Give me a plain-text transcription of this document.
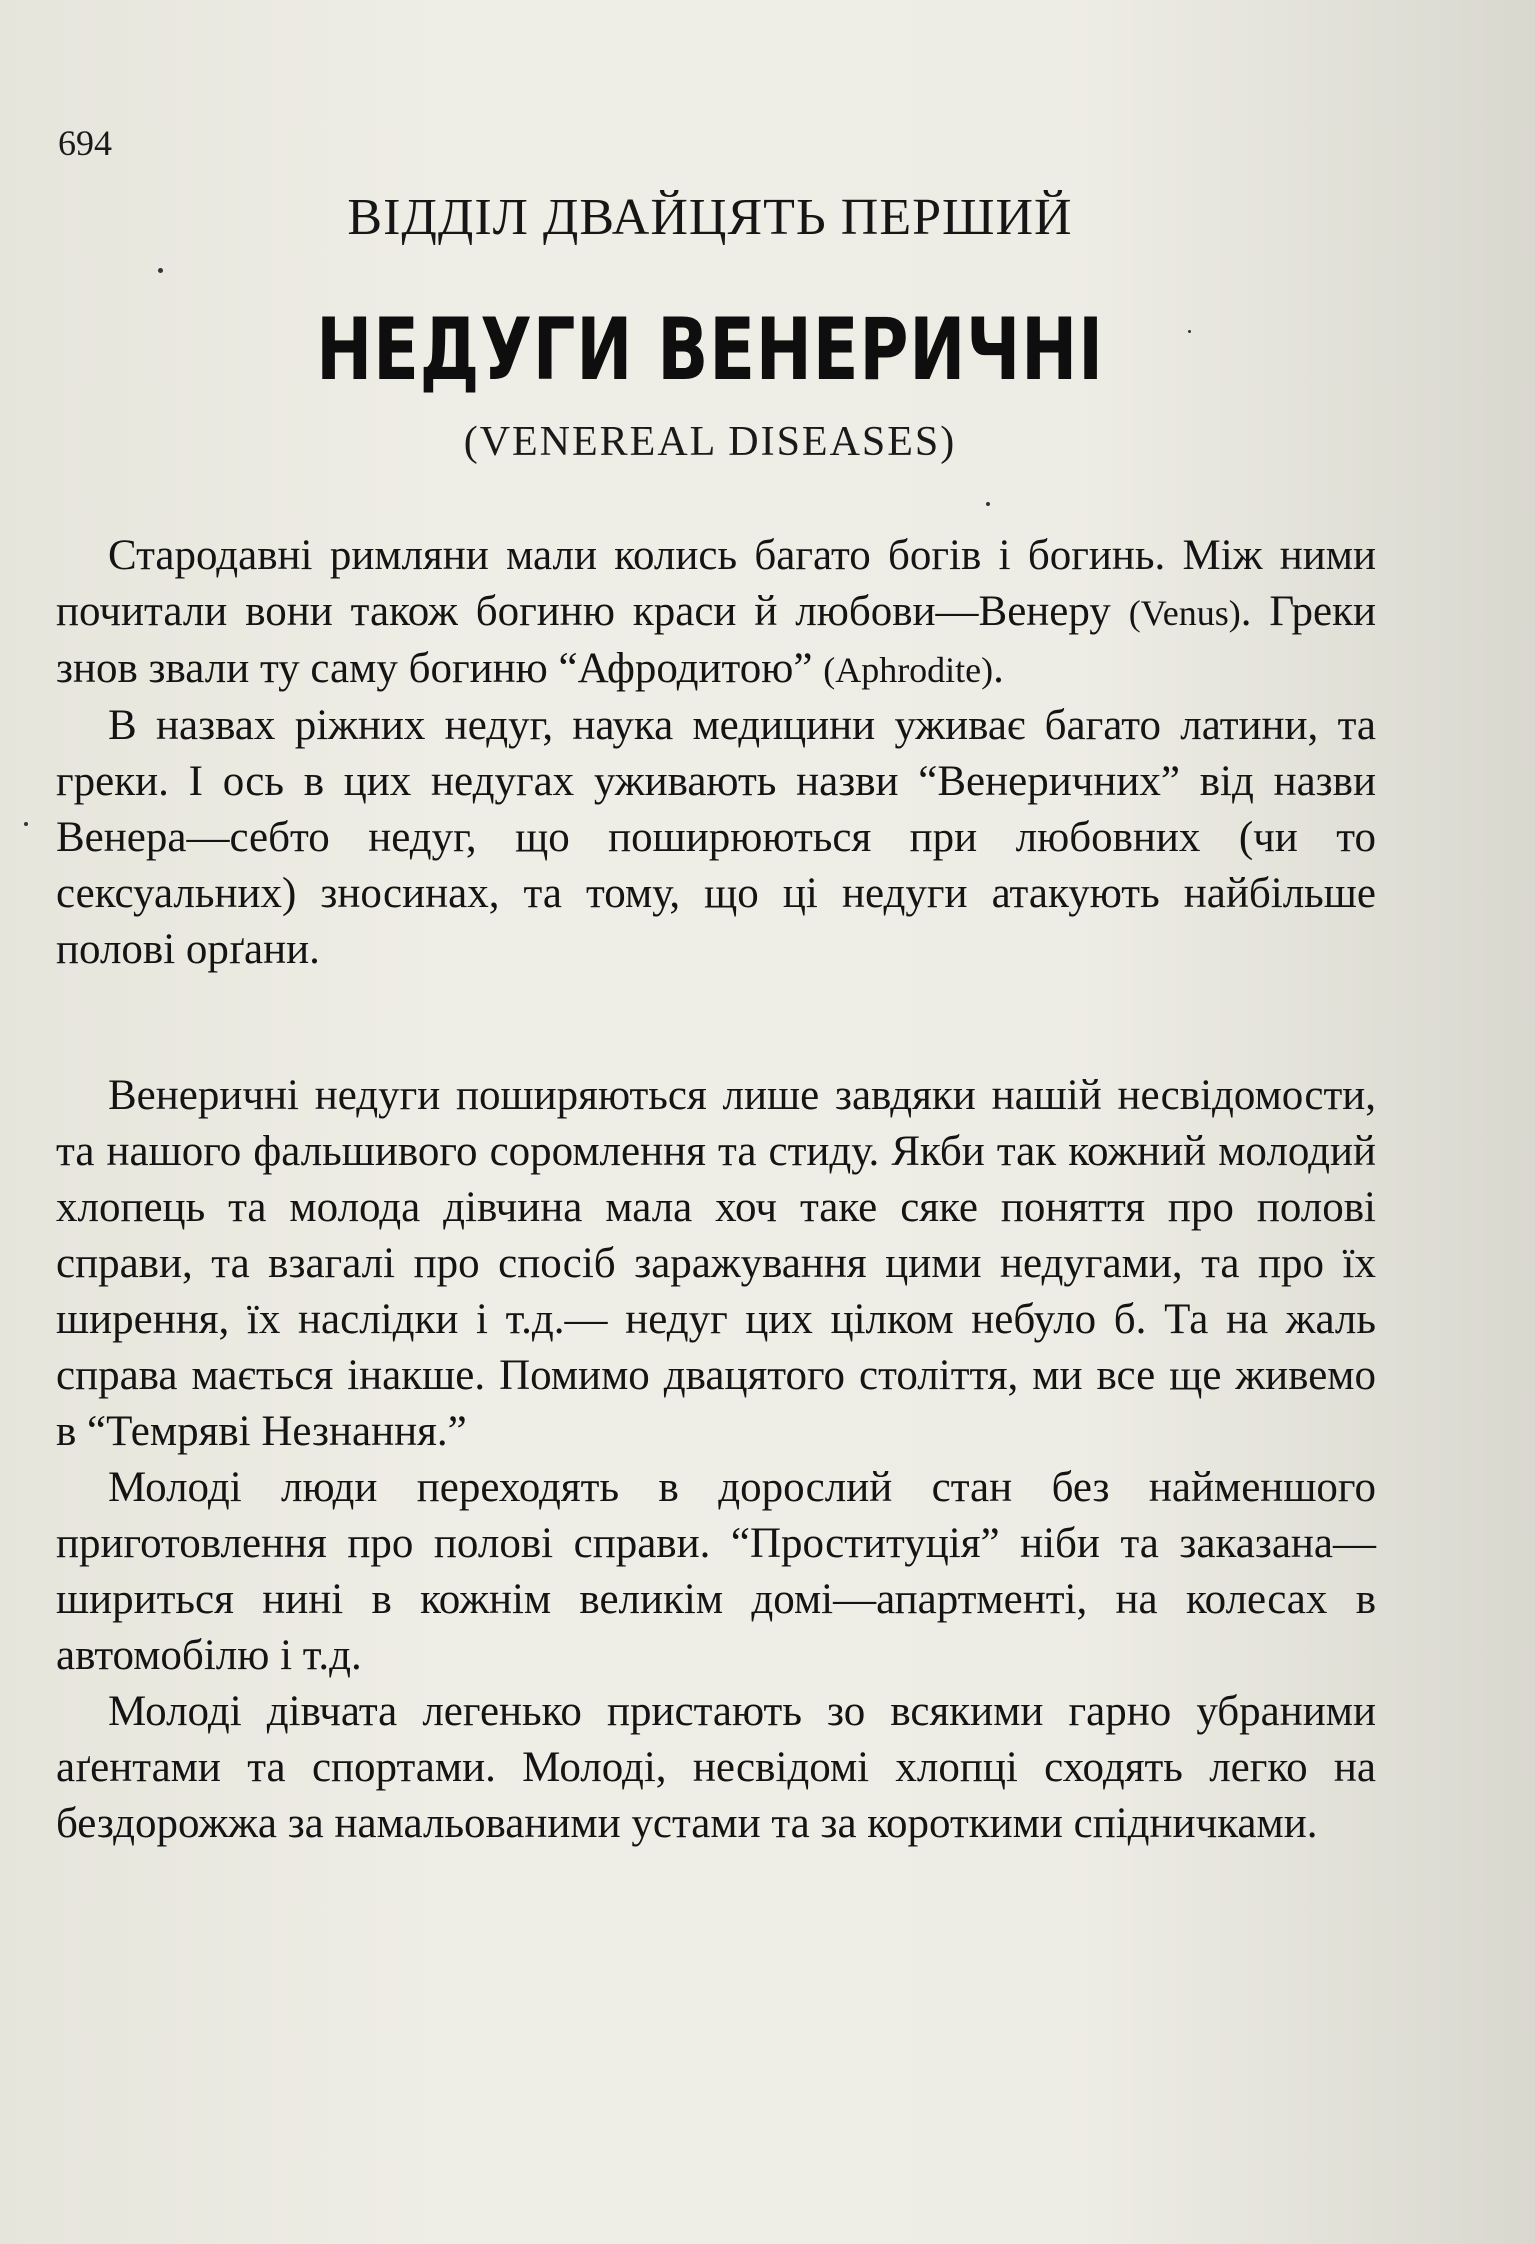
694
ВІДДІЛ ДВАЙЦЯТЬ ПЕРШИЙ
НЕДУГИ ВЕНЕРИЧНІ
(VENEREAL DISEASES)

Стародавні римляни мали колись багато богів і богинь. Між ними почитали вони також богиню краси й любови—Венеру (Venus). Греки знов звали ту саму богиню “Афродитою” (Aphrodite).

В назвах ріжних недуг, наука медицини уживає багато латини, та греки. І ось в цих недугах уживають назви “Венеричних” від назви Венера—себто недуг, що поширюються при любовних (чи то сексуальних) зносинах, та тому, що ці недуги атакують найбільше полові орґани.

Венеричні недуги поширяються лише завдяки нашій несвідомости, та нашого фальшивого соромлення та стиду. Якби так кожний молодий хлопець та молода дівчина мала хоч таке сяке поняття про полові справи, та взагалі про спосіб заражування цими недугами, та про їх ширення, їх наслідки і т.д.— недуг цих цілком небуло б. Та на жаль справа мається інакше. Помимо двацятого століття, ми все ще живемо в “Темряві Незнання.”

Молоді люди переходять в дорослий стан без найменшого приготовлення про полові справи. “Проституція” ніби та заказана—шириться нині в кожнім великім домі—апартменті, на колесах в автомобілю і т.д.

Молоді дівчата легенько пристають зо всякими гарно убраними аґентами та спортами. Молоді, несвідомі хлопці сходять легко на бездорожжа за намальованими устами та за короткими спідничками.
